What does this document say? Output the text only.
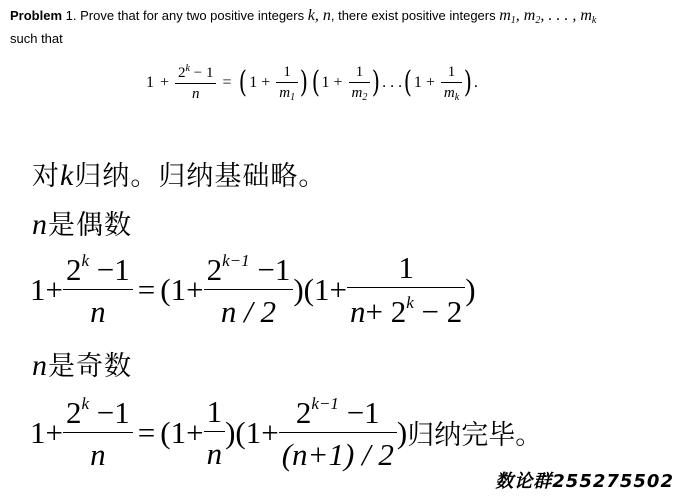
Problem 1. Prove that for any two positive integers k, n, there exist positive integers m1, m2, . . . , mk
such that
$1 + \frac{2^k - 1}{n}$ = ( $1 + \frac{1}{m_1}$ ) ( $1 + \frac{1}{m_2}$ ) . . . ( $1 + \frac{1}{m_k}$ ) .
对k归纳。归纳基础略。
n是偶数
$1 + \frac{2^k -1}{n} = (1 + \frac{2^{k-1} -1}{n / 2} )(1 + \frac{1}{n+ 2^k - 2}$ )
n是奇数
$1 + \frac{2^k -1}{n} = (1 + \frac{1}{n} )(1 + \frac{2^{k-1} -1}{(n+1) / 2}$ ) 归纳完毕。
数论群255275502
